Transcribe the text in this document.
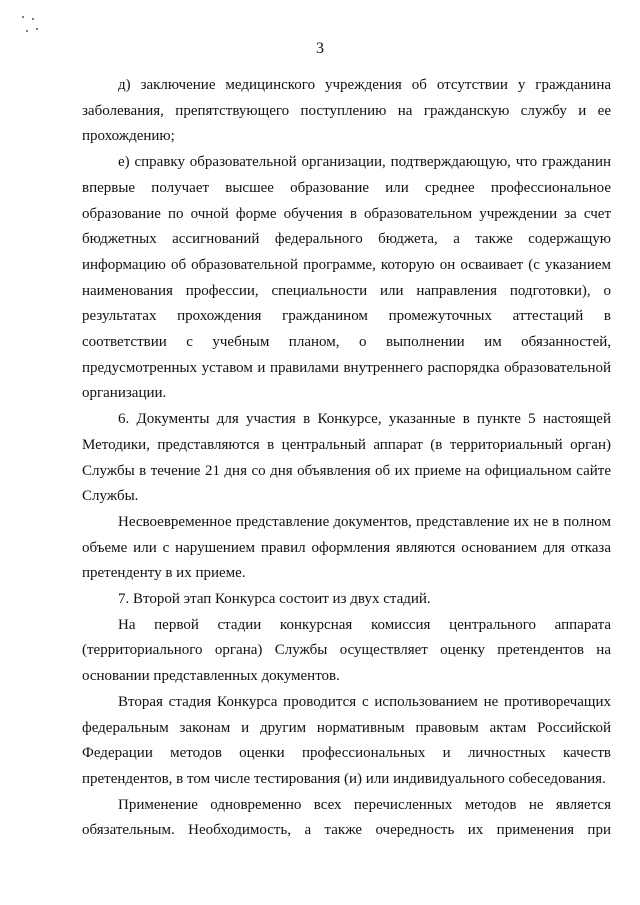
3

д) заключение медицинского учреждения об отсутствии у гражданина заболевания, препятствующего поступлению на гражданскую службу и ее прохождению;

е) справку образовательной организации, подтверждающую, что гражданин впервые получает высшее образование или среднее профессиональное образование по очной форме обучения в образовательном учреждении за счет бюджетных ассигнований федерального бюджета, а также содержащую информацию об образовательной программе, которую он осваивает (с указанием наименования профессии, специальности или направления подготовки), о результатах прохождения гражданином промежуточных аттестаций в соответствии с учебным планом, о выполнении им обязанностей, предусмотренных уставом и правилами внутреннего распорядка образовательной организации.

6. Документы для участия в Конкурсе, указанные в пункте 5 настоящей Методики, представляются в центральный аппарат (в территориальный орган) Службы в течение 21 дня со дня объявления об их приеме на официальном сайте Службы.

Несвоевременное представление документов, представление их не в полном объеме или с нарушением правил оформления являются основанием для отказа претенденту в их приеме.

7. Второй этап Конкурса состоит из двух стадий.

На первой стадии конкурсная комиссия центрального аппарата (территориального органа) Службы осуществляет оценку претендентов на основании представленных документов.

Вторая стадия Конкурса проводится с использованием не противоречащих федеральным законам и другим нормативным правовым актам Российской Федерации методов оценки профессиональных и личностных качеств претендентов, в том числе тестирования (и) или индивидуального собеседования.

Применение одновременно всех перечисленных методов не является обязательным. Необходимость, а также очередность их применения при
